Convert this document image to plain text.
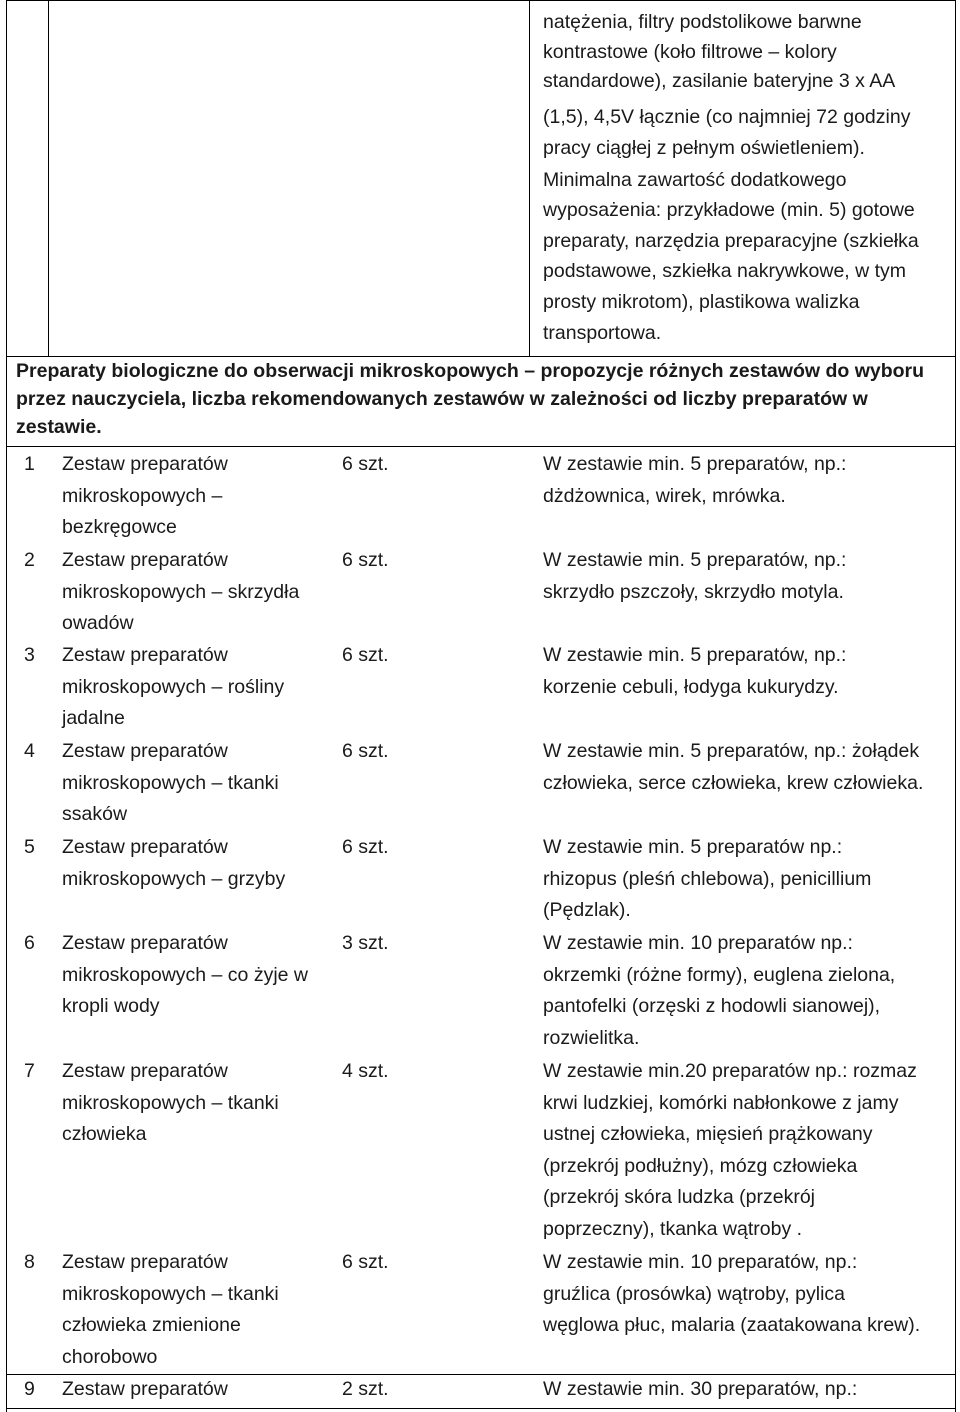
natężenia, filtry podstolikowe barwne
kontrastowe (koło filtrowe – kolory
standardowe), zasilanie bateryjne 3 x AA
(1,5), 4,5V łącznie (co najmniej 72 godziny
pracy ciągłej z pełnym oświetleniem).
Minimalna zawartość dodatkowego
wyposażenia: przykładowe (min. 5) gotowe
preparaty, narzędzia preparacyjne (szkiełka
podstawowe, szkiełka nakrywkowe, w tym
prosty mikrotom), plastikowa walizka
transportowa.
Preparaty biologiczne do obserwacji mikroskopowych – propozycje różnych zestawów do wyboru
przez nauczyciela, liczba rekomendowanych zestawów w zależności od liczby preparatów w
zestawie.
1 Zestaw preparatów
mikroskopowych –
bezkręgowce
6 szt.	W zestawie min. 5 preparatów, np.:
dżdżownica, wirek, mrówka.
2 Zestaw preparatów
mikroskopowych – skrzydła
owadów
6 szt.	W zestawie min. 5 preparatów, np.:
skrzydło pszczoły, skrzydło motyla.
3 Zestaw preparatów
mikroskopowych – rośliny
jadalne
6 szt.	W zestawie min. 5 preparatów, np.:
korzenie cebuli, łodyga kukurydzy.
4 Zestaw preparatów
mikroskopowych – tkanki
ssaków
6 szt.	W zestawie min. 5 preparatów, np.: żołądek
człowieka, serce człowieka, krew człowieka.
5 Zestaw preparatów
mikroskopowych – grzyby
6 szt.	W zestawie min. 5 preparatów np.:
rhizopus (pleśń chlebowa), penicillium
(Pędzlak).
6 Zestaw preparatów
mikroskopowych – co żyje w
kropli wody
3 szt.	W zestawie min. 10 preparatów np.:
okrzemki (różne formy), euglena zielona,
pantofelki (orzęski z hodowli sianowej),
rozwielitka.
7 Zestaw preparatów
mikroskopowych – tkanki
człowieka
4 szt.	W zestawie min.20 preparatów np.: rozmaz
krwi ludzkiej, komórki nabłonkowe z jamy
ustnej człowieka, mięsień prążkowany
(przekrój podłużny), mózg człowieka
(przekrój skóra ludzka (przekrój
poprzeczny), tkanka wątroby .
8 Zestaw preparatów
mikroskopowych – tkanki
człowieka zmienione
chorobowo
6 szt.	W zestawie min. 10 preparatów, np.:
gruźlica (prosówka) wątroby, pylica
węglowa płuc, malaria (zaatakowana krew).
9 Zestaw preparatów	2 szt.	W zestawie min. 30 preparatów, np.:
